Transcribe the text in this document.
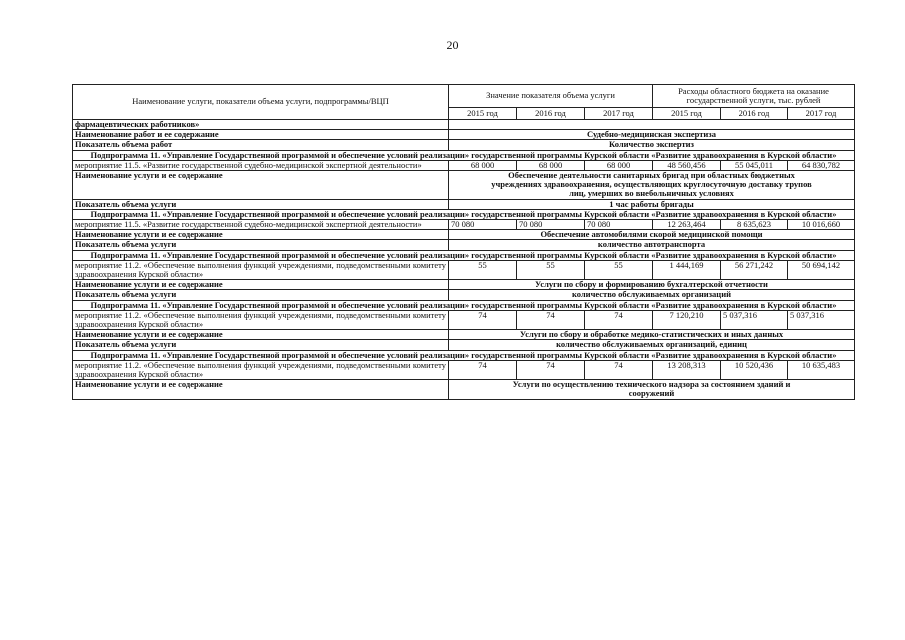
20
Наименование услуги, показатели объема услуги, подпрограммы/ВЦП	Значение показателя объема услуги			Расходы областного бюджета на оказание государственной услуги, тыс. рублей		
	2015 год	2016 год	2017 год	2015 год	2016 год	2017 год
фармацевтических работников»						
Наименование работ и ее содержание	Судебно-медицинская экспертиза					
Показатель объема работ	Количество экспертиз					
Подпрограмма 11. «Управление Государственной программой и обеспечение условий реализации» государственной программы Курской области «Развитие здравоохранения в Курской области»						
мероприятие 11.5. «Развитие государственной судебно-медицинской экспертной деятельности»	68 000	68 000	68 000	48 560,456	55 045,011	64 830,782
Наименование услуги и ее содержание	Обеспечение деятельности санитарных бригад при областных бюджетных учреждениях здравоохранения, осуществляющих круглосуточную доставку трупов лиц, умерших во внебольничных условиях					
Показатель объема услуги	1 час работы бригады					
Подпрограмма 11. «Управление Государственной программой и обеспечение условий реализации» государственной программы Курской области «Развитие здравоохранения в Курской области»						
мероприятие 11.5. «Развитие государственной судебно-медицинской экспертной деятельности»	70 080	70 080	70 080	12 263,464	8 635,623	10 016,660
Наименование услуги и ее содержание	Обеспечение автомобилями скорой медицинской помощи					
Показатель объема услуги	количество автотранспорта					
Подпрограмма 11. «Управление Государственной программой и обеспечение условий реализации» государственной программы Курской области «Развитие здравоохранения в Курской области»						
мероприятие 11.2. «Обеспечение выполнения функций учреждениями, подведомственными комитету здравоохранения Курской области»	55	55	55	1 444,169	56 271,242	50 694,142
Наименование услуги и ее содержание	Услуги по сбору и формированию бухгалтерской отчетности					
Показатель объема услуги	количество обслуживаемых организаций					
Подпрограмма 11. «Управление Государственной программой и обеспечение условий реализации» государственной программы Курской области «Развитие здравоохранения в Курской области»						
мероприятие 11.2. «Обеспечение выполнения функций учреждениями, подведомственными комитету здравоохранения Курской области»	74	74	74	7 120,210	5 037,316	5 037,316
Наименование услуги и ее содержание	Услуги по сбору и обработке медико-статистических и иных данных					
Показатель объема услуги	количество обслуживаемых организаций, единиц					
Подпрограмма 11. «Управление Государственной программой и обеспечение условий реализации» государственной программы Курской области «Развитие здравоохранения в Курской области»						
мероприятие 11.2. «Обеспечение выполнения функций учреждениями, подведомственными комитету здравоохранения Курской области»	74	74	74	13 208,313	10 520,436	10 635,483
Наименование услуги и ее содержание	Услуги по осуществлению технического надзора за состоянием зданий и сооружений					
